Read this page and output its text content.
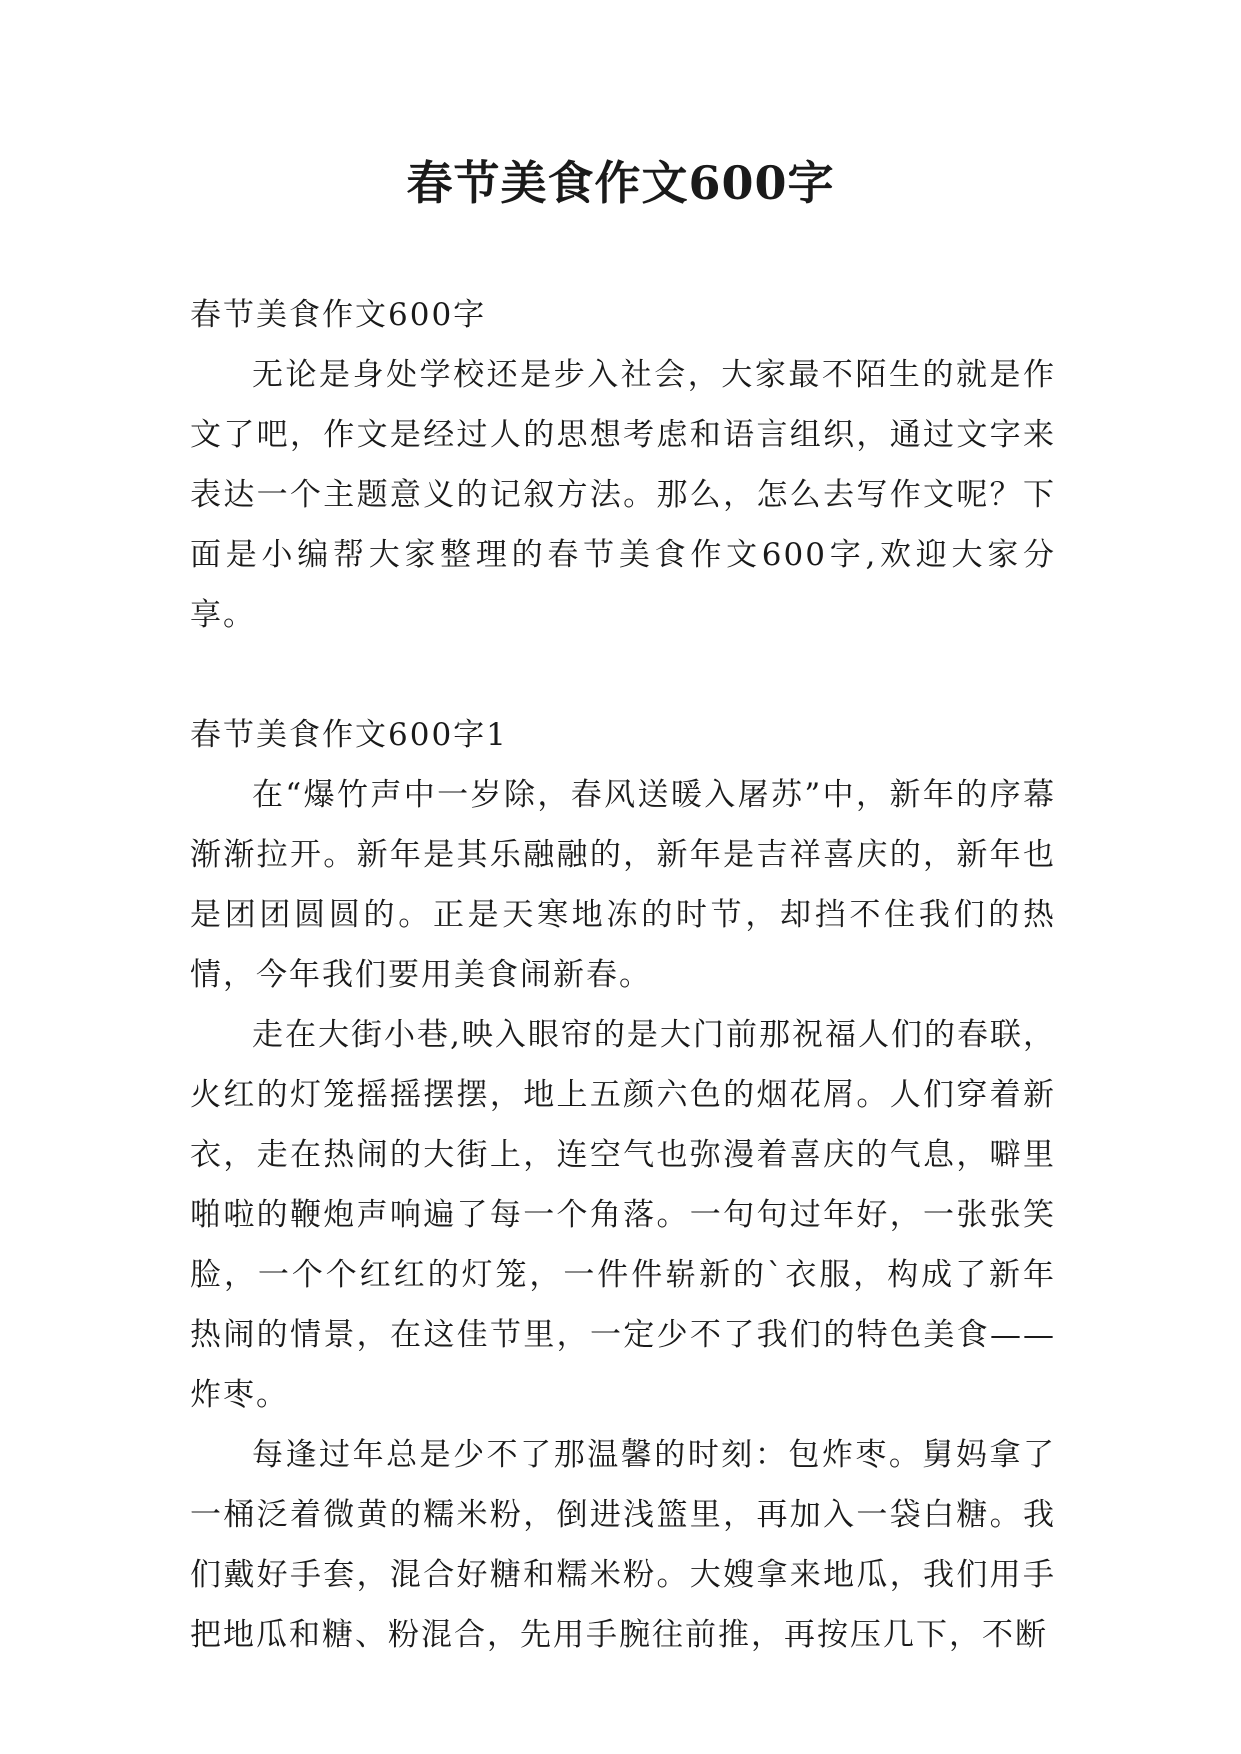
春节美食作文600字

春节美食作文600字

无论是身处学校还是步入社会，大家最不陌生的就是作文了吧，作文是经过人的思想考虑和语言组织，通过文字来表达一个主题意义的记叙方法。那么，怎么去写作文呢？下面是小编帮大家整理的春节美食作文600字,欢迎大家分享。

春节美食作文600字1

在“爆竹声中一岁除，春风送暖入屠苏”中，新年的序幕渐渐拉开。新年是其乐融融的，新年是吉祥喜庆的，新年也是团团圆圆的。正是天寒地冻的时节，却挡不住我们的热情，今年我们要用美食闹新春。

走在大街小巷,映入眼帘的是大门前那祝福人们的春联，火红的灯笼摇摇摆摆，地上五颜六色的烟花屑。人们穿着新衣，走在热闹的大街上，连空气也弥漫着喜庆的气息，噼里啪啦的鞭炮声响遍了每一个角落。一句句过年好，一张张笑脸，一个个红红的灯笼，一件件崭新的`衣服，构成了新年热闹的情景，在这佳节里，一定少不了我们的特色美食——炸枣。

每逢过年总是少不了那温馨的时刻：包炸枣。舅妈拿了一桶泛着微黄的糯米粉，倒进浅篮里，再加入一袋白糖。我们戴好手套，混合好糖和糯米粉。大嫂拿来地瓜，我们用手把地瓜和糖、粉混合，先用手腕往前推，再按压几下，不断
